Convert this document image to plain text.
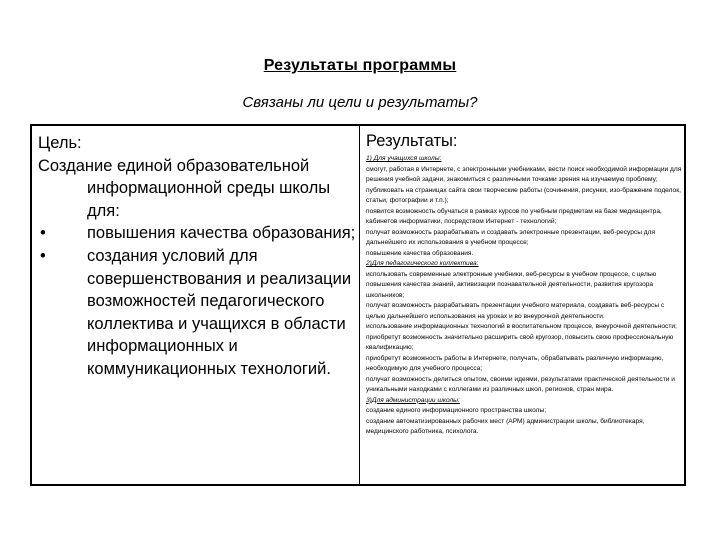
Результаты программы
Связаны ли цели и результаты?
Цель:
Создание единой образовательной
информационной среды школы для:
• повышения качества образования;
• создания условий для совершенствования и реализации возможностей педагогического коллектива и учащихся в области информационных и коммуникационных технологий.
Результаты:

1) Для учащихся школы:

смогут, работая в Интернете, с электронными учебниками, вести поиск необходимой информации для решения учебной задачи, знакомиться с различными точками зрения на изучаемую проблему;

публиковать на страницах сайта свои творческие работы (сочинения, рисунки, изо-бражение поделок, статьи, фотографии и т.п.);

появится возможность обучаться в рамках курсов по учебным предметам на базе медиацентра, кабинетов информатики, посредством Интернет - технологий;

получат возможность разрабатывать и создавать электронные презентации, веб-ресурсы для дальнейшего их использования в учебном процессе;

повышение качества образования.

2)Для педагогического коллектива:

использовать современные электронные учебники, веб-ресурсы в учебном процессе, с целью повышения качества знаний, активизации познавательной деятельности, развития кругозора школьников;

получат возможность разрабатывать презентации учебного материала, создавать веб-ресурсы с целью дальнейшего использования на уроках и во внеурочной деятельности.

использование информационных технологий в воспитательном процессе, внеурочной деятельности;

приобретут возможность значительно расширить свой кругозор, повысить свою профессиональную квалификацию;

приобретут возможность работы в Интернете, получать, обрабатывать различную информацию, необходимую для учебного процесса;

получат возможность делиться опытом, своими идеями, результатами практической деятельности и уникальными находками с коллегами из различных школ, регионов, стран мира.

3)Для администрации школы:

создание единого информационного пространства школы;

создание автоматизированных рабочих мест (АРМ) администрации школы, библиотекаря, медицинского работника, психолога.
